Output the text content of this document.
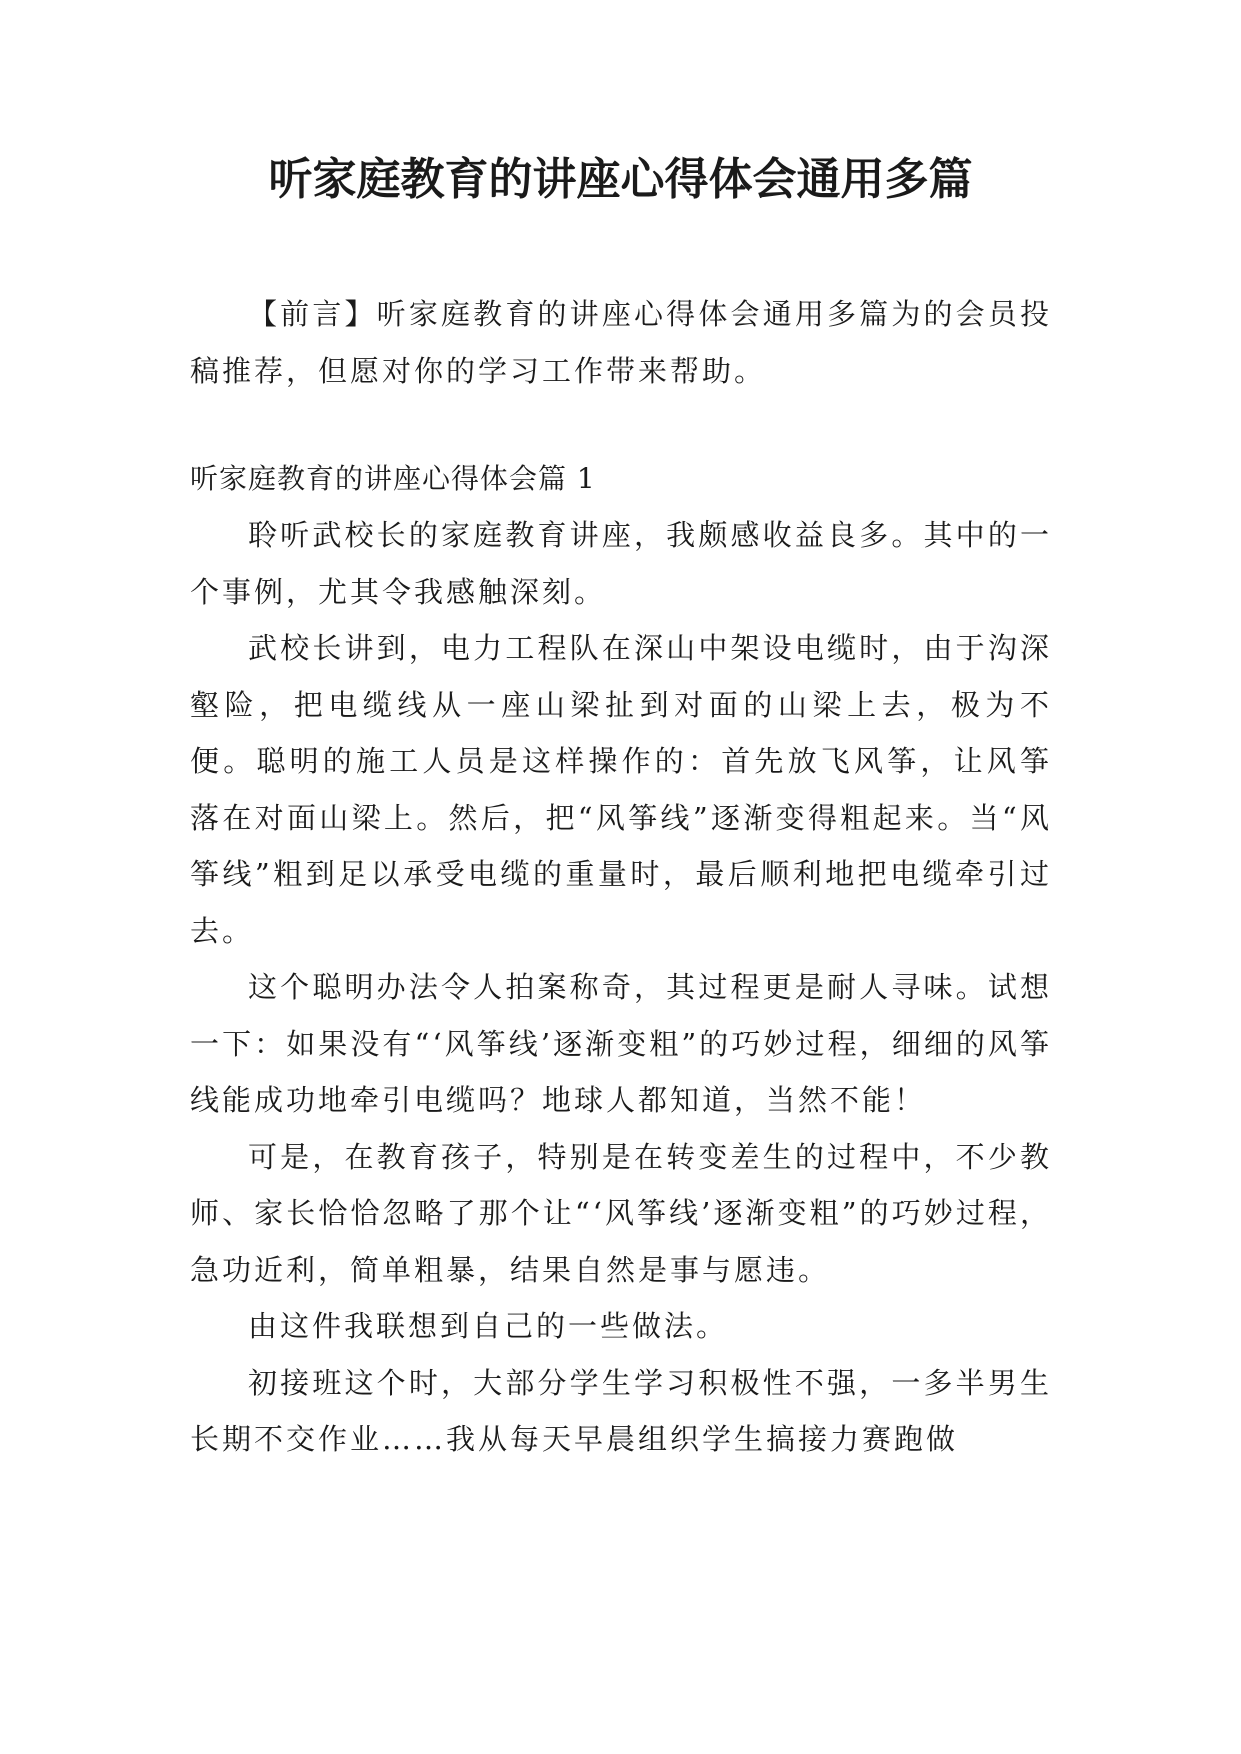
听家庭教育的讲座心得体会通用多篇

【前言】听家庭教育的讲座心得体会通用多篇为的会员投稿推荐，但愿对你的学习工作带来帮助。

听家庭教育的讲座心得体会篇 1

聆听武校长的家庭教育讲座，我颇感收益良多。其中的一个事例，尤其令我感触深刻。

武校长讲到，电力工程队在深山中架设电缆时，由于沟深壑险，把电缆线从一座山梁扯到对面的山梁上去，极为不便。聪明的施工人员是这样操作的：首先放飞风筝，让风筝落在对面山梁上。然后，把“风筝线”逐渐变得粗起来。当“风筝线”粗到足以承受电缆的重量时，最后顺利地把电缆牵引过去。

这个聪明办法令人拍案称奇，其过程更是耐人寻味。试想一下：如果没有“‘风筝线’逐渐变粗”的巧妙过程，细细的风筝线能成功地牵引电缆吗？地球人都知道，当然不能！

可是，在教育孩子，特别是在转变差生的过程中，不少教师、家长恰恰忽略了那个让“‘风筝线’逐渐变粗”的巧妙过程，急功近利，简单粗暴，结果自然是事与愿违。

由这件我联想到自己的一些做法。

初接班这个时，大部分学生学习积极性不强，一多半男生长期不交作业……我从每天早晨组织学生搞接力赛跑做
